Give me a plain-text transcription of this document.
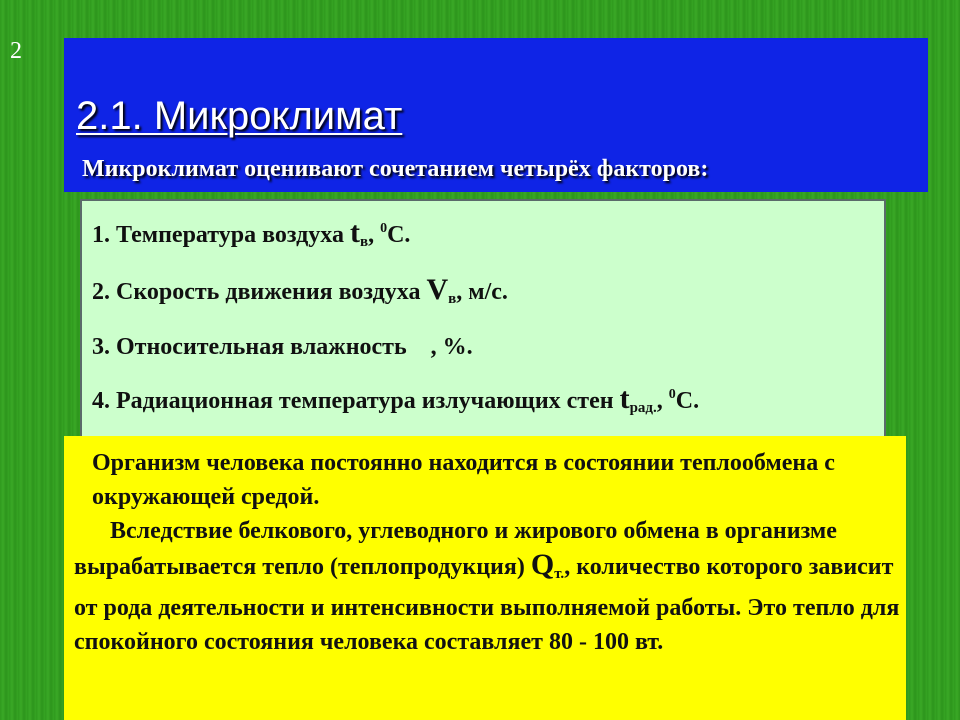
2
2.1. Микроклимат
Микроклимат оценивают сочетанием четырёх факторов:
1. Температура воздуха $t_в$, $^0$С.
2. Скорость движения воздуха $V_в$, м/с.
3. Относительная влажность    , %.
4. Радиационная температура излучающих стен $t_{рад.}$, $^0$С.

Организм человека постоянно находится в состоянии теплообмена с окружающей средой.

Вследствие белкового, углеводного и жирового обмена в организме вырабатывается тепло (теплопродукция) $Q_{т.}$, количество которого зависит от рода деятельности и интенсивности выполняемой работы. Это тепло для спокойного состояния человека составляет 80 - 100 вт.
